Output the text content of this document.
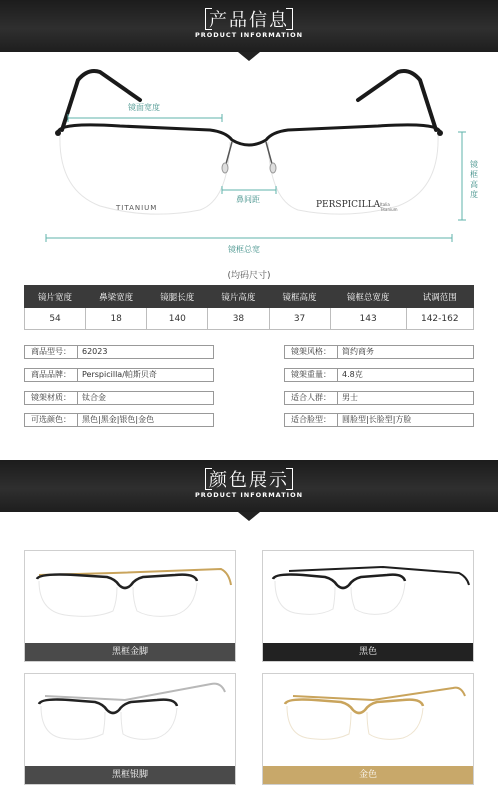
产品信息
PRODUCT INFORMATION
镜面宽度
鼻间距
镜框高度
镜框总宽
TITANIUM	PERSPICILLA Italia Titanium
(均码尺寸)
镜片宽度	鼻梁宽度	镜腿长度	镜片高度	镜框高度	镜框总宽度	试调范围
54	18	140	38	37	143	142-162
商品型号：	62023	镜架风格：	简约商务
商品品牌：	Perspicilla/帕斯贝奇	镜架重量：	4.8克
镜架材质：	钛合金	适合人群：	男士
可选颜色：	黑色|黑金|银色|金色	适合脸型：	圆脸型|长脸型|方脸
颜色展示
PRODUCT INFORMATION
黑框金脚	黑色
黑框银脚	金色
